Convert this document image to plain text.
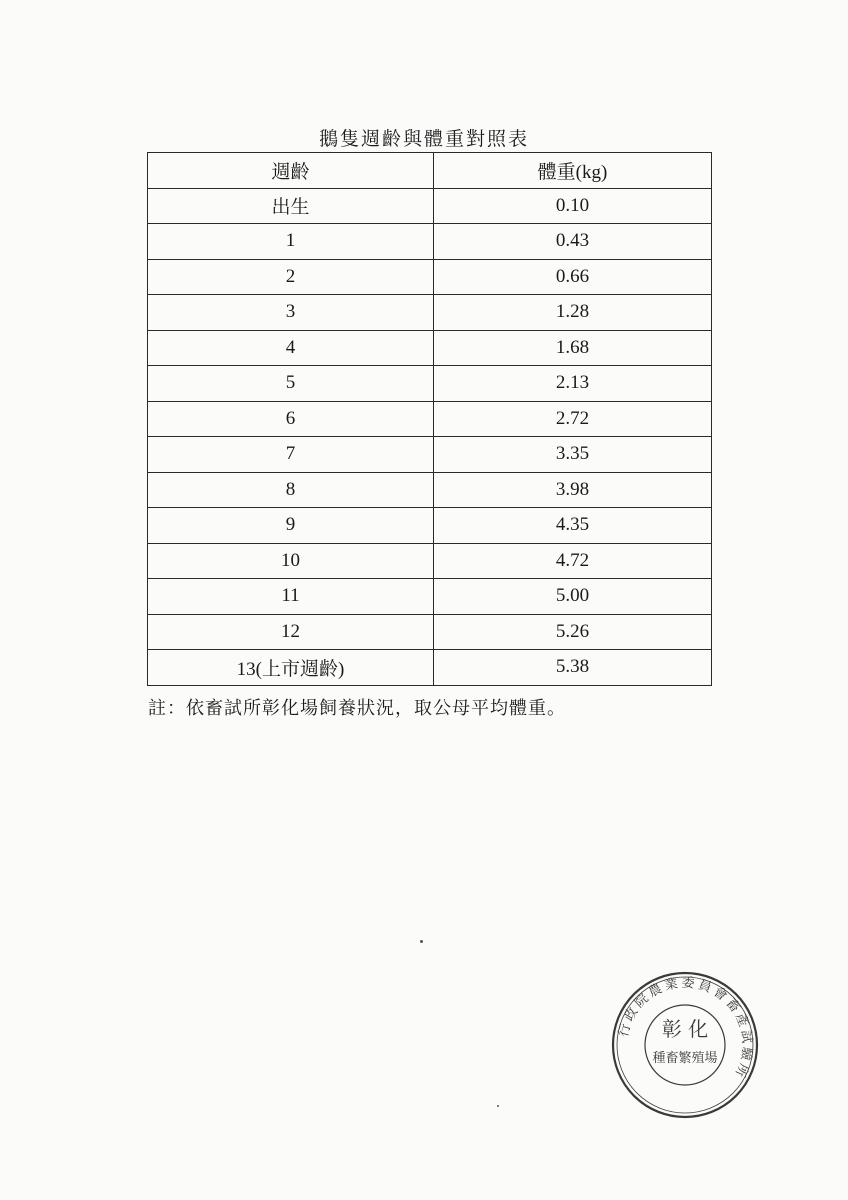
鵝隻週齡與體重對照表
週齡	體重(kg)
出生	0.10
1	0.43
2	0.66
3	1.28
4	1.68
5	2.13
6	2.72
7	3.35
8	3.98
9	4.35
10	4.72
11	5.00
12	5.26
13(上市週齡)	5.38
註：依畜試所彰化場飼養狀況，取公母平均體重。
行政院農業委員會畜產試驗所
彰 化
種畜繁殖場
